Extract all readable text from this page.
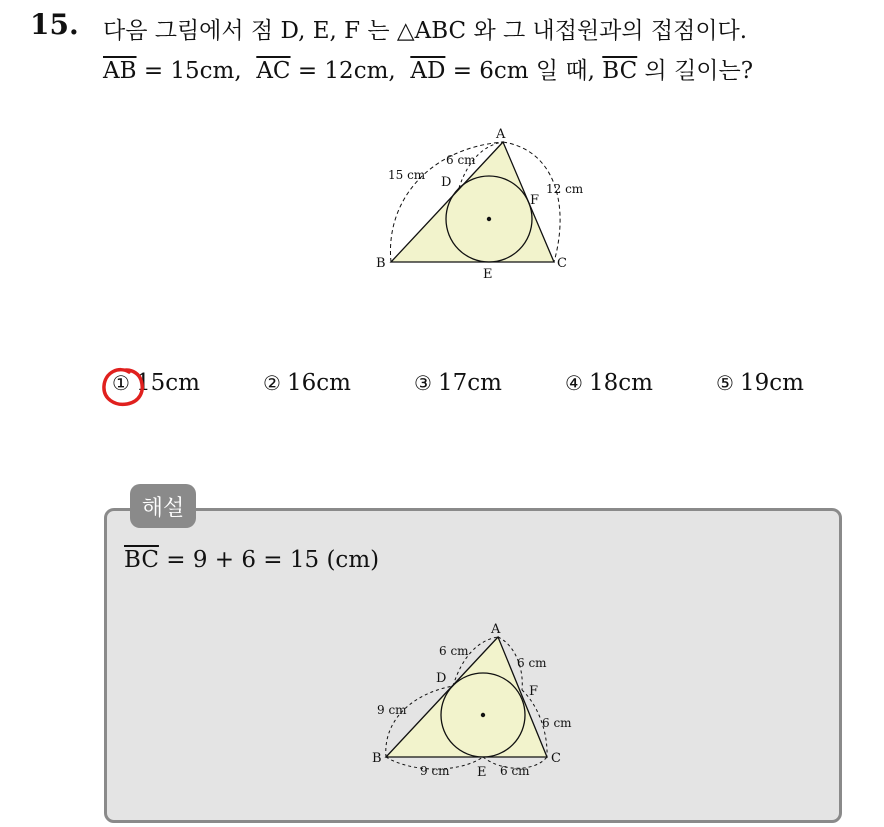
15. 다음 그림에서 점 D, E, F 는 △ABC 와 그 내접원과의 접점이다.
$\overline{AB} = 15cm$, $\overline{AC} = 12cm$, $\overline{AD} = 6cm$ 일 때, $\overline{BC}$ 의 길이는?
A
B	C
D
E
F
15 cm
6 cm
12 cm
① 15cm	② 16cm	③ 17cm	④ 18cm	⑤ 19cm
해설
$\overline{BC} = 9 + 6 = 15$ (cm)
A
B	C
D
E
F
6 cm
6 cm
9 cm
6 cm
9 cm	6 cm
